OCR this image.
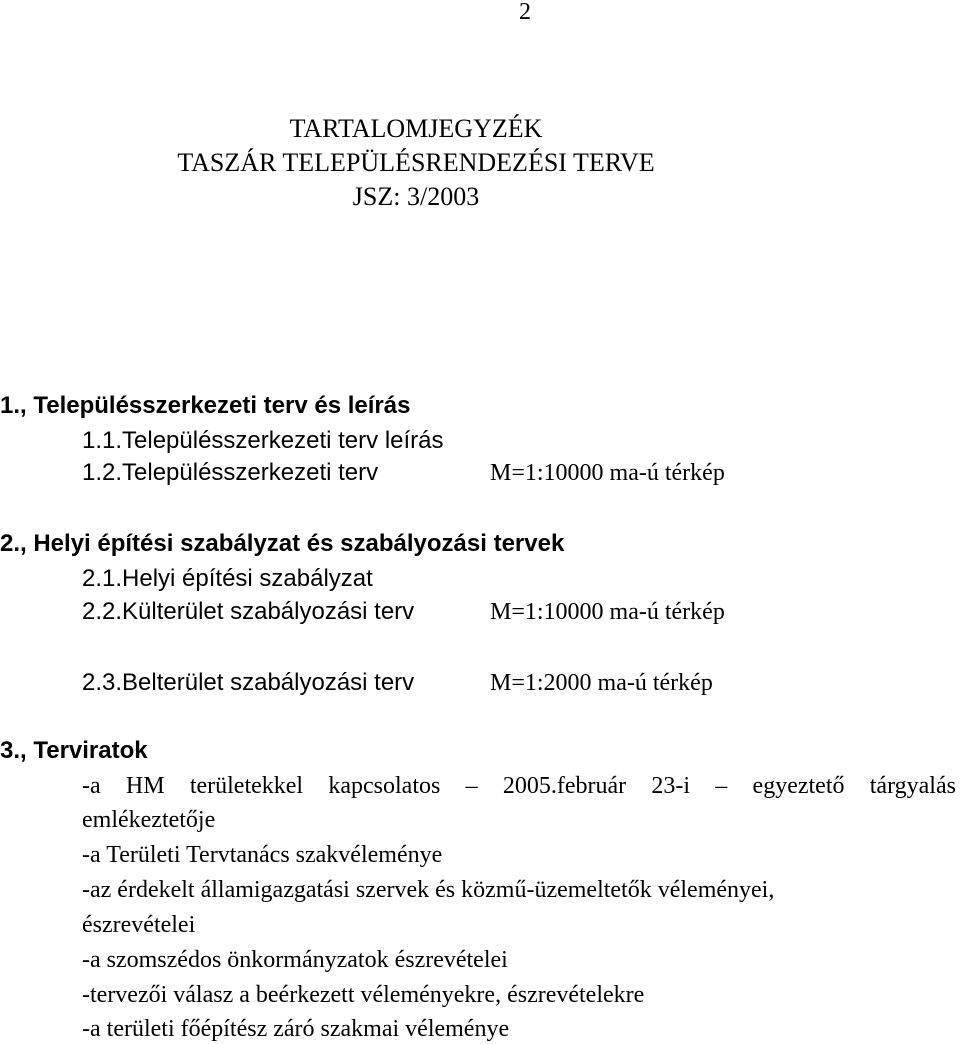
2
TARTALOMJEGYZÉK
TASZÁR TELEPÜLÉSRENDEZÉSI TERVE
JSZ: 3/2003
1., Településszerkezeti terv és leírás
1.1.Településszerkezeti terv leírás
1.2.Településszerkezeti terv	M=1:10000 ma-ú térkép
2., Helyi építési szabályzat és szabályozási tervek
2.1.Helyi építési szabályzat
2.2.Külterület szabályozási terv	M=1:10000 ma-ú térkép
2.3.Belterület szabályozási terv	M=1:2000 ma-ú térkép
3., Terviratok
-a HM területekkel kapcsolatos – 2005.február 23-i – egyeztető tárgyalás
emlékeztetője
-a Területi Tervtanács szakvéleménye
-az érdekelt államigazgatási szervek és közmű-üzemeltetők véleményei,
észrevételei
-a szomszédos önkormányzatok észrevételei
-tervezői válasz a beérkezett véleményekre, észrevételekre
-a területi főépítész záró szakmai véleménye
